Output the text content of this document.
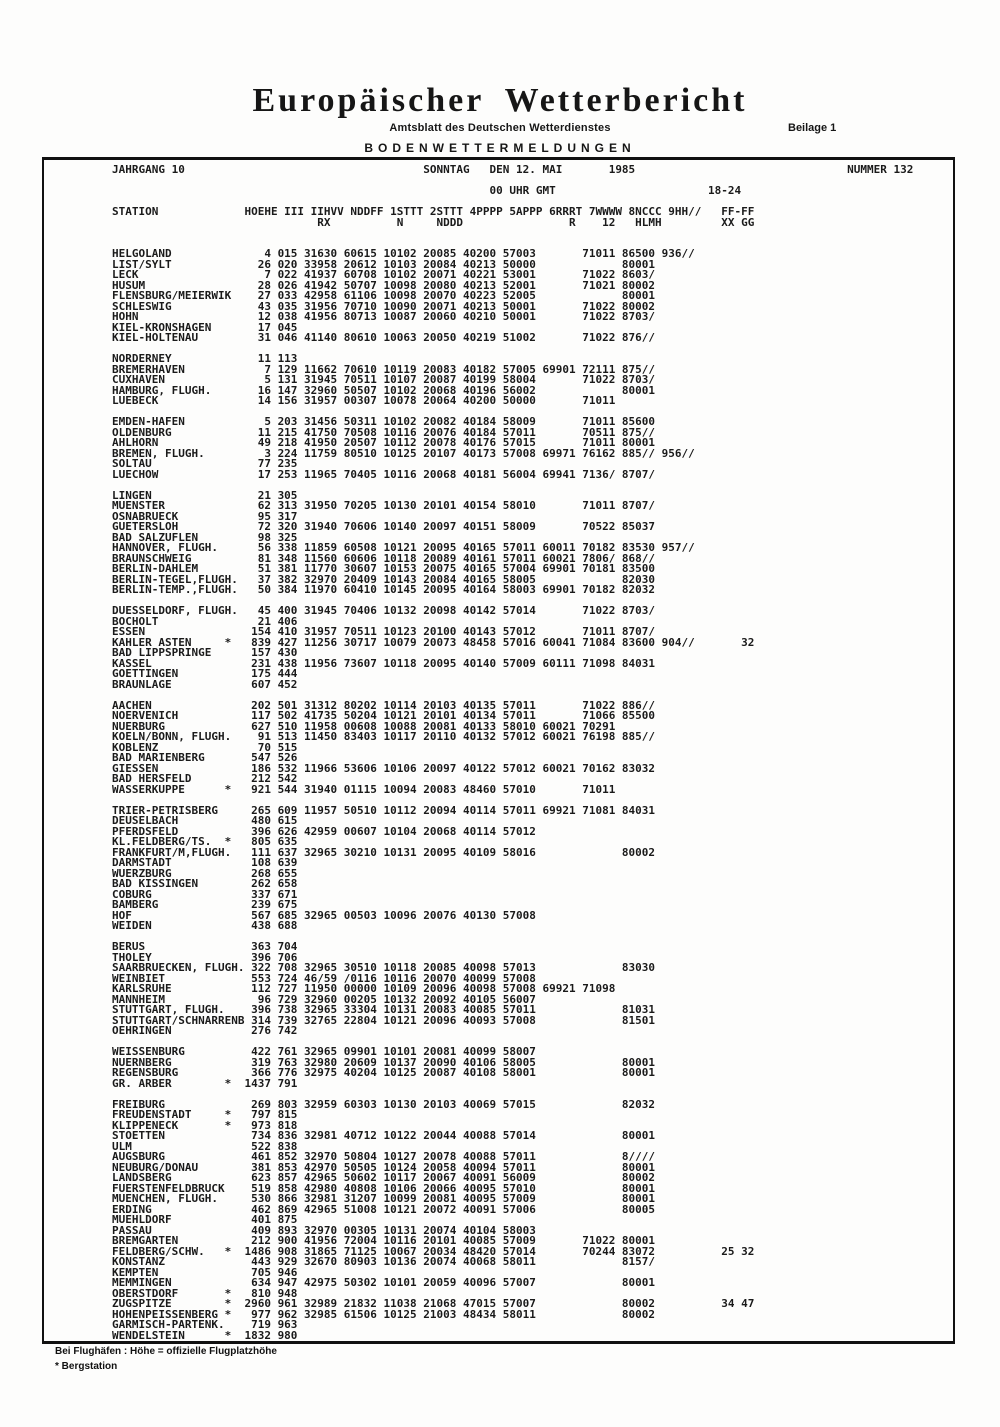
Europäischer Wetterbericht
Amtsblatt des Deutschen Wetterdienstes	Beilage 1
BODENWETTERMELDUNGEN
JAHRGANG 10                                    SONNTAG   DEN 12. MAI       1985                                NUMMER 132

00 UHR GMT                       18-24

STATION             HOEHE III IIHVV NDDFF 1STTT 2STTT 4PPPP 5APPP 6RRRT 7WWWW 8NCCC 9HH//   FF-FF
RX          N     NDDD                R    12   HLMH         XX GG

HELGOLAND              4 015 31630 60615 10102 20085 40200 57003       71011 86500 936//
LIST/SYLT             26 020 33958 20612 10103 20084 40213 50000             80001
LECK                   7 022 41937 60708 10102 20071 40221 53001       71022 8603/
HUSUM                 28 026 41942 50707 10098 20080 40213 52001       71021 80002
FLENSBURG/MEIERWIK    27 033 42958 61106 10098 20070 40223 52005             80001
SCHLESWIG             43 035 31956 70710 10090 20071 40213 50001       71022 80002
HOHN                  12 038 41956 80713 10087 20060 40210 50001       71022 8703/
KIEL-KRONSHAGEN       17 045
KIEL-HOLTENAU         31 046 41140 80610 10063 20050 40219 51002       71022 876//

NORDERNEY             11 113
BREMERHAVEN            7 129 11662 70610 10119 20083 40182 57005 69901 72111 875//
CUXHAVEN               5 131 31945 70511 10107 20087 40199 58004       71022 8703/
HAMBURG, FLUGH.       16 147 32960 50507 10102 20068 40196 56002             80001
LUEBECK               14 156 31957 00307 10078 20064 40200 50000       71011

EMDEN-HAFEN            5 203 31456 50311 10102 20082 40184 58009       71011 85600
OLDENBURG             11 215 41750 70508 10116 20076 40184 57011       70511 875//
AHLHORN               49 218 41950 20507 10112 20078 40176 57015       71011 80001
BREMEN, FLUGH.         3 224 11759 80510 10125 20107 40173 57008 69971 76162 885// 956//
SOLTAU                77 235
LUECHOW               17 253 11965 70405 10116 20068 40181 56004 69941 7136/ 8707/

LINGEN                21 305
MUENSTER              62 313 31950 70205 10130 20101 40154 58010       71011 8707/
OSNABRUECK            95 317
GUETERSLOH            72 320 31940 70606 10140 20097 40151 58009       70522 85037
BAD SALZUFLEN         98 325
HANNOVER, FLUGH.      56 338 11859 60508 10121 20095 40165 57011 60011 70182 83530 957//
BRAUNSCHWEIG          81 348 11560 60606 10118 20089 40161 57011 60021 7806/ 868//
BERLIN-DAHLEM         51 381 11770 30607 10153 20075 40165 57004 69901 70181 83500
BERLIN-TEGEL,FLUGH.   37 382 32970 20409 10143 20084 40165 58005             82030
BERLIN-TEMP.,FLUGH.   50 384 11970 60410 10145 20095 40164 58003 69901 70182 82032

DUESSELDORF, FLUGH.   45 400 31945 70406 10132 20098 40142 57014       71022 8703/
BOCHOLT               21 406
ESSEN                154 410 31957 70511 10123 20100 40143 57012       71011 8707/
KAHLER ASTEN     *   839 427 11256 30717 10079 20073 48458 57016 60041 71084 83600 904//       32
BAD LIPPSPRINGE      157 430
KASSEL               231 438 11956 73607 10118 20095 40140 57009 60111 71098 84031
GOETTINGEN           175 444
BRAUNLAGE            607 452

AACHEN               202 501 31312 80202 10114 20103 40135 57011       71022 886//
NOERVENICH           117 502 41735 50204 10121 20101 40134 57011       71066 85500
NUERBURG             627 510 11958 00608 10088 20081 40133 58010 60021 70291
KOELN/BONN, FLUGH.    91 513 11450 83403 10117 20110 40132 57012 60021 76198 885//
KOBLENZ               70 515
BAD MARIENBERG       547 526
GIESSEN              186 532 11966 53606 10106 20097 40122 57012 60021 70162 83032
BAD HERSFELD         212 542
WASSERKUPPE      *   921 544 31940 01115 10094 20083 48460 57010       71011

TRIER-PETRISBERG     265 609 11957 50510 10112 20094 40114 57011 69921 71081 84031
DEUSELBACH           480 615
PFERDSFELD           396 626 42959 00607 10104 20068 40114 57012
KL.FELDBERG/TS.  *   805 635
FRANKFURT/M,FLUGH.   111 637 32965 30210 10131 20095 40109 58016             80002
DARMSTADT            108 639
WUERZBURG            268 655
BAD KISSINGEN        262 658
COBURG               337 671
BAMBERG              239 675
HOF                  567 685 32965 00503 10096 20076 40130 57008
WEIDEN               438 688

BERUS                363 704
THOLEY               396 706
SAARBRUECKEN, FLUGH. 322 708 32965 30510 10118 20085 40098 57013             83030
WEINBIET             553 724 46/59 /0116 10116 20070 40099 57008
KARLSRUHE            112 727 11950 00000 10109 20096 40098 57008 69921 71098
MANNHEIM              96 729 32960 00205 10132 20092 40105 56007
STUTTGART, FLUGH.    396 738 32965 33304 10131 20083 40085 57011             81031
STUTTGART/SCHNARRENB 314 739 32765 22804 10121 20096 40093 57008             81501
OEHRINGEN            276 742

WEISSENBURG          422 761 32965 09901 10101 20081 40099 58007
NUERNBERG            319 763 32980 20609 10137 20090 40106 58005             80001
REGENSBURG           366 776 32975 40204 10125 20087 40108 58001             80001
GR. ARBER        *  1437 791

FREIBURG             269 803 32959 60303 10130 20103 40069 57015             82032
FREUDENSTADT     *   797 815
KLIPPENECK       *   973 818
STOETTEN             734 836 32981 40712 10122 20044 40088 57014             80001
ULM                  522 838
AUGSBURG             461 852 32970 50804 10127 20078 40088 57011             8////
NEUBURG/DONAU        381 853 42970 50505 10124 20058 40094 57011             80001
LANDSBERG            623 857 42965 50602 10117 20067 40091 56009             80002
FUERSTENFELDBRUCK    519 858 42980 40808 10106 20066 40095 57010             80001
MUENCHEN, FLUGH.     530 866 32981 31207 10099 20081 40095 57009             80001
ERDING               462 869 42965 51008 10121 20072 40091 57006             80005
MUEHLDORF            401 875
PASSAU               409 893 32970 00305 10131 20074 40104 58003
BREMGARTEN           212 900 41956 72004 10116 20101 40085 57009       71022 80001
FELDBERG/SCHW.   *  1486 908 31865 71125 10067 20034 48420 57014       70244 83072          25 32
KONSTANZ             443 929 32670 80903 10136 20074 40068 58011             8157/
KEMPTEN              705 946
MEMMINGEN            634 947 42975 50302 10101 20059 40096 57007             80001
OBERSTDORF       *   810 948
ZUGSPITZE        *  2960 961 32989 21832 11038 21068 47015 57007             80002          34 47
HOHENPEISSENBERG *   977 962 32985 61506 10125 21003 48434 58011             80002
GARMISCH-PARTENK.    719 963
WENDELSTEIN      *  1832 980
Bei Flughäfen : Höhe = offizielle Flugplatzhöhe
* Bergstation
